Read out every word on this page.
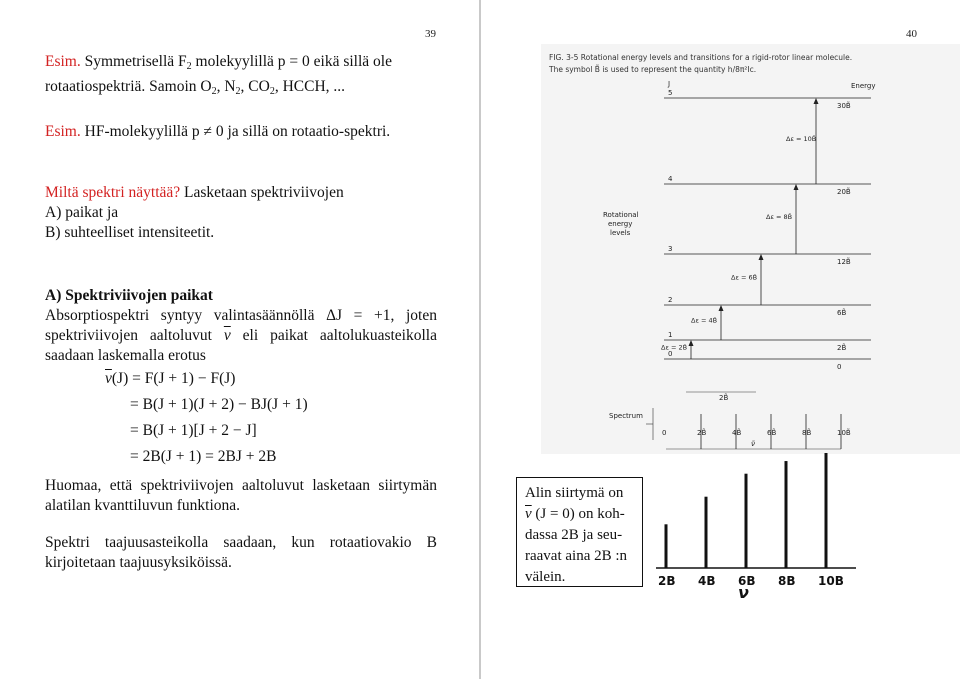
39

Esim. Symmetrisellä $F_2$ molekyylillä p = 0 eikä sillä ole rotaatiospektriä. Samoin $O_2$, $N_2$, $CO_2$, HCCH, ...

Esim. HF-molekyylillä p ≠ 0 ja sillä on rotaatio-spektri.

Miltä spektri näyttää? Lasketaan spektriviivojen

A) paikat ja

B) suhteelliset intensiteetit.

A) Spektriviivojen paikat

Absorptiospektri syntyy valintasäännöllä ΔJ = +1, joten spektriviivojen aaltoluvut $\overline{\nu}$ eli paikat aaltolukuasteikolla saadaan laskemalla erotus

$\overline{\nu}(J) = F(J + 1) - F(J)$
= B(J + 1)(J + 2) − BJ(J + 1)
= B(J + 1)[J + 2 − J]
= 2B(J + 1) = 2BJ + 2B

Huomaa, että spektriviivojen aaltoluvut lasketaan siirtymän alatilan kvanttiluvun funktiona.

Spektri taajuusasteikolla saadaan, kun rotaatiovakio B kirjoitetaan taajuusyksiköissä.

40
FIG. 3-5 Rotational energy levels and transitions for a rigid-rotor linear molecule.
The symbol B̃ is used to represent the quantity h/8π²Ic.
J	Energy
5
30B̃
4
20B̃
3
12B̃
2
6B̃
1
2B̃
0
0
Δε = 10B̃
Δε = 8B̃
Δε = 6B̃
Δε = 4B̃
Δε = 2B̃
Rotational
energy
levels
Spectrum
2B̃
0	2B̃	4B̃	6B̃	8B̃	10B̃
ν̃
Alin siirtymä on
$\overline{\nu}$ (J = 0) on koh-
dassa 2B ja seu-
raavat aina 2B :n
välein.	2B 4B 6B 8B 10B
ν
